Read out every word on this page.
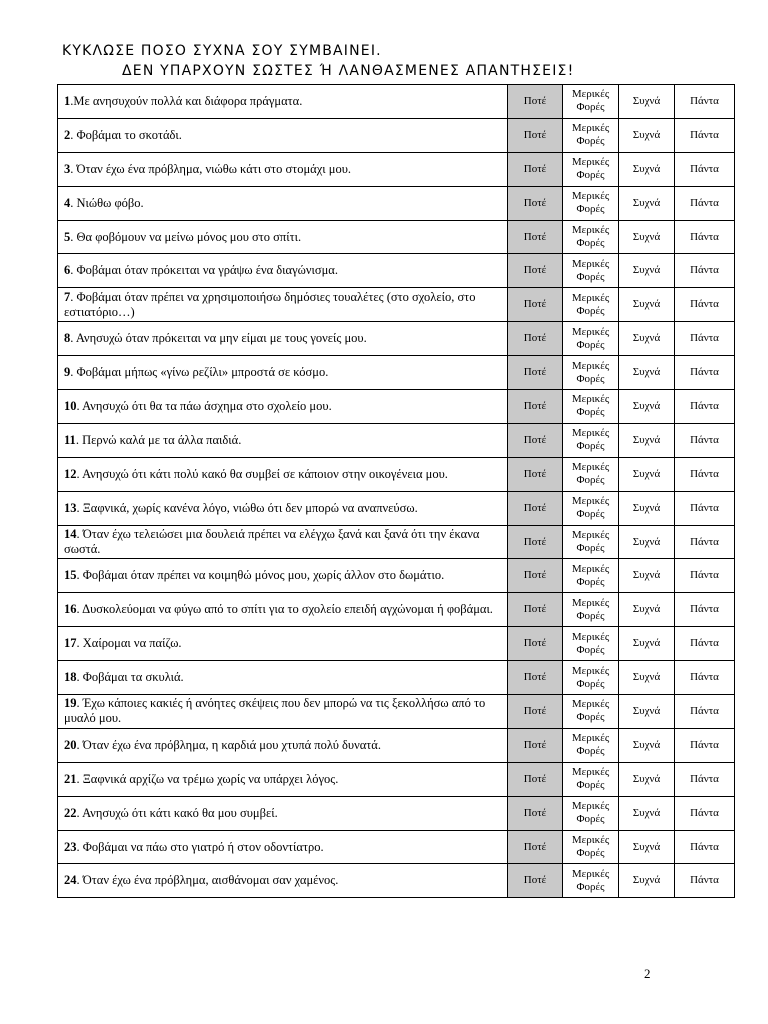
ΚΥΚΛΩΣΕ ΠΟΣΟ ΣΥΧΝΑ ΣΟΥ ΣΥΜΒΑΙΝΕΙ.
ΔΕΝ ΥΠΑΡΧΟΥΝ ΣΩΣΤΕΣ Ή ΛΑΝΘΑΣΜΕΝΕΣ ΑΠΑΝΤΗΣΕΙΣ!
1.Με ανησυχούν πολλά και διάφορα πράγματα.	Ποτέ	Μερικές
Φορές	Συχνά	Πάντα
2. Φοβάμαι το σκοτάδι.	Ποτέ	Μερικές
Φορές	Συχνά	Πάντα
3. Όταν έχω ένα πρόβλημα, νιώθω κάτι στο στομάχι μου.	Ποτέ	Μερικές
Φορές	Συχνά	Πάντα
4. Νιώθω φόβο.	Ποτέ	Μερικές
Φορές	Συχνά	Πάντα
5. Θα φοβόμουν να μείνω μόνος μου στο σπίτι.	Ποτέ	Μερικές
Φορές	Συχνά	Πάντα
6. Φοβάμαι όταν πρόκειται να γράψω ένα διαγώνισμα.	Ποτέ	Μερικές
Φορές	Συχνά	Πάντα
7. Φοβάμαι όταν πρέπει να χρησιμοποιήσω δημόσιες τουαλέτες (στο σχολείο, στο εστιατόριο…)	Ποτέ	Μερικές
Φορές	Συχνά	Πάντα
8. Ανησυχώ όταν πρόκειται να μην είμαι με τους γονείς μου.	Ποτέ	Μερικές
Φορές	Συχνά	Πάντα
9. Φοβάμαι μήπως «γίνω ρεζίλι» μπροστά σε κόσμο.	Ποτέ	Μερικές
Φορές	Συχνά	Πάντα
10. Ανησυχώ ότι θα τα πάω άσχημα στο σχολείο μου.	Ποτέ	Μερικές
Φορές	Συχνά	Πάντα
11. Περνώ καλά με τα άλλα παιδιά.	Ποτέ	Μερικές
Φορές	Συχνά	Πάντα
12. Ανησυχώ ότι κάτι πολύ κακό θα συμβεί σε κάποιον στην οικογένεια μου.	Ποτέ	Μερικές
Φορές	Συχνά	Πάντα
13. Ξαφνικά, χωρίς κανένα λόγο, νιώθω ότι δεν μπορώ να αναπνεύσω.	Ποτέ	Μερικές
Φορές	Συχνά	Πάντα
14. Όταν έχω τελειώσει μια δουλειά πρέπει να ελέγχω ξανά και ξανά ότι την έκανα σωστά.	Ποτέ	Μερικές
Φορές	Συχνά	Πάντα
15. Φοβάμαι όταν πρέπει να κοιμηθώ μόνος μου, χωρίς άλλον στο δωμάτιο.	Ποτέ	Μερικές
Φορές	Συχνά	Πάντα
16. Δυσκολεύομαι να φύγω από το σπίτι για το σχολείο επειδή αγχώνομαι ή φοβάμαι.	Ποτέ	Μερικές
Φορές	Συχνά	Πάντα
17. Χαίρομαι να παίζω.	Ποτέ	Μερικές
Φορές	Συχνά	Πάντα
18. Φοβάμαι τα σκυλιά.	Ποτέ	Μερικές
Φορές	Συχνά	Πάντα
19. Έχω κάποιες κακιές ή ανόητες σκέψεις που δεν μπορώ να τις ξεκολλήσω από το μυαλό μου.	Ποτέ	Μερικές
Φορές	Συχνά	Πάντα
20. Όταν έχω ένα πρόβλημα, η καρδιά μου χτυπά πολύ δυνατά.	Ποτέ	Μερικές
Φορές	Συχνά	Πάντα
21. Ξαφνικά αρχίζω να τρέμω χωρίς να υπάρχει λόγος.	Ποτέ	Μερικές
Φορές	Συχνά	Πάντα
22. Ανησυχώ ότι κάτι κακό θα μου συμβεί.	Ποτέ	Μερικές
Φορές	Συχνά	Πάντα
23. Φοβάμαι να πάω στο γιατρό ή στον οδοντίατρο.	Ποτέ	Μερικές
Φορές	Συχνά	Πάντα
24. Όταν έχω ένα πρόβλημα, αισθάνομαι σαν χαμένος.	Ποτέ	Μερικές
Φορές	Συχνά	Πάντα
2
